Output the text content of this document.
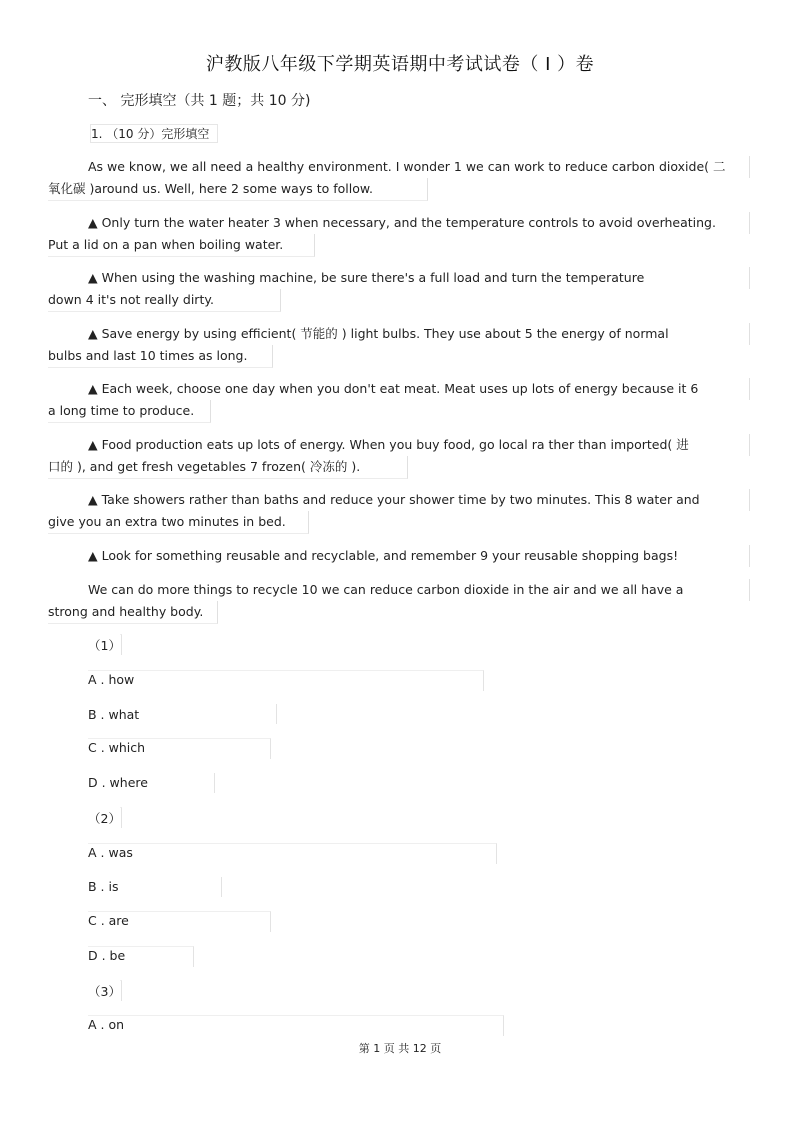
沪教版八年级下学期英语期中考试试卷（ I ）卷
一、 完形填空（共 1 题；共 10 分)
1. （10 分）完形填空
As we know, we all need a healthy environment. I wonder 1 we can work to reduce carbon dioxide( 二
氧化碳 )around us. Well, here 2 some ways to follow.
▲ Only turn the water heater 3 when necessary, and the temperature controls to avoid overheating.
Put a lid on a pan when boiling water.
▲ When using the washing machine, be sure there's a full load and turn the temperature
down 4 it's not really dirty.
▲ Save energy by using efficient( 节能的 ) light bulbs. They use about 5 the energy of normal
bulbs and last 10 times as long.
▲ Each week, choose one day when you don't eat meat. Meat uses up lots of energy because it 6
a long time to produce.
▲ Food production eats up lots of energy. When you buy food, go local ra ther than imported( 进
口的 ), and get fresh vegetables 7 frozen( 冷冻的 ).
▲ Take showers rather than baths and reduce your shower time by two minutes. This 8 water and
give you an extra two minutes in bed.
▲ Look for something reusable and recyclable, and remember 9 your reusable shopping bags!
We can do more things to recycle 10 we can reduce carbon dioxide in the air and we all have a
strong and healthy body.
（1）
A . how
B . what
C . which
D . where
（2）
A . was
B . is
C . are
D . be
（3）
A . on
第 1 页 共 12 页
